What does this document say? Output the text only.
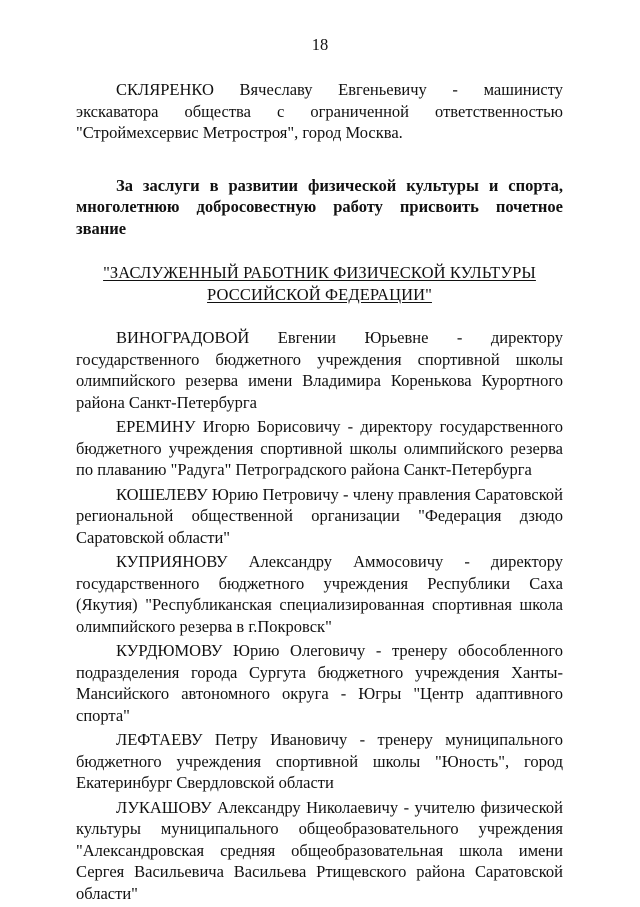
18

СКЛЯРЕНКО Вячеславу Евгеньевичу - машинисту экскаватора общества с ограниченной ответственностью "Строймехсервис Метростроя", город Москва.

За заслуги в развитии физической культуры и спорта, многолетнюю добросовестную работу присвоить почетное звание

"ЗАСЛУЖЕННЫЙ РАБОТНИК ФИЗИЧЕСКОЙ КУЛЬТУРЫ
РОССИЙСКОЙ ФЕДЕРАЦИИ"

ВИНОГРАДОВОЙ Евгении Юрьевне - директору государственного бюджетного учреждения спортивной школы олимпийского резерва имени Владимира Коренькова Курортного района Санкт-Петербурга

ЕРЕМИНУ Игорю Борисовичу - директору государственного бюджетного учреждения спортивной школы олимпийского резерва по плаванию "Радуга" Петроградского района Санкт-Петербурга

КОШЕЛЕВУ Юрию Петровичу - члену правления Саратовской региональной общественной организации "Федерация дзюдо Саратовской области"

КУПРИЯНОВУ Александру Аммосовичу - директору государственного бюджетного учреждения Республики Саха (Якутия) "Республиканская специализированная спортивная школа олимпийского резерва в г.Покровск"

КУРДЮМОВУ Юрию Олеговичу - тренеру обособленного подразделения города Сургута бюджетного учреждения Ханты-Мансийского автономного округа - Югры "Центр адаптивного спорта"

ЛЕФТАЕВУ Петру Ивановичу - тренеру муниципального бюджетного учреждения спортивной школы "Юность", город Екатеринбург Свердловской области

ЛУКАШОВУ Александру Николаевичу - учителю физической культуры муниципального общеобразовательного учреждения "Александровская средняя общеобразовательная школа имени Сергея Васильевича Васильева Ртищевского района Саратовской области"
